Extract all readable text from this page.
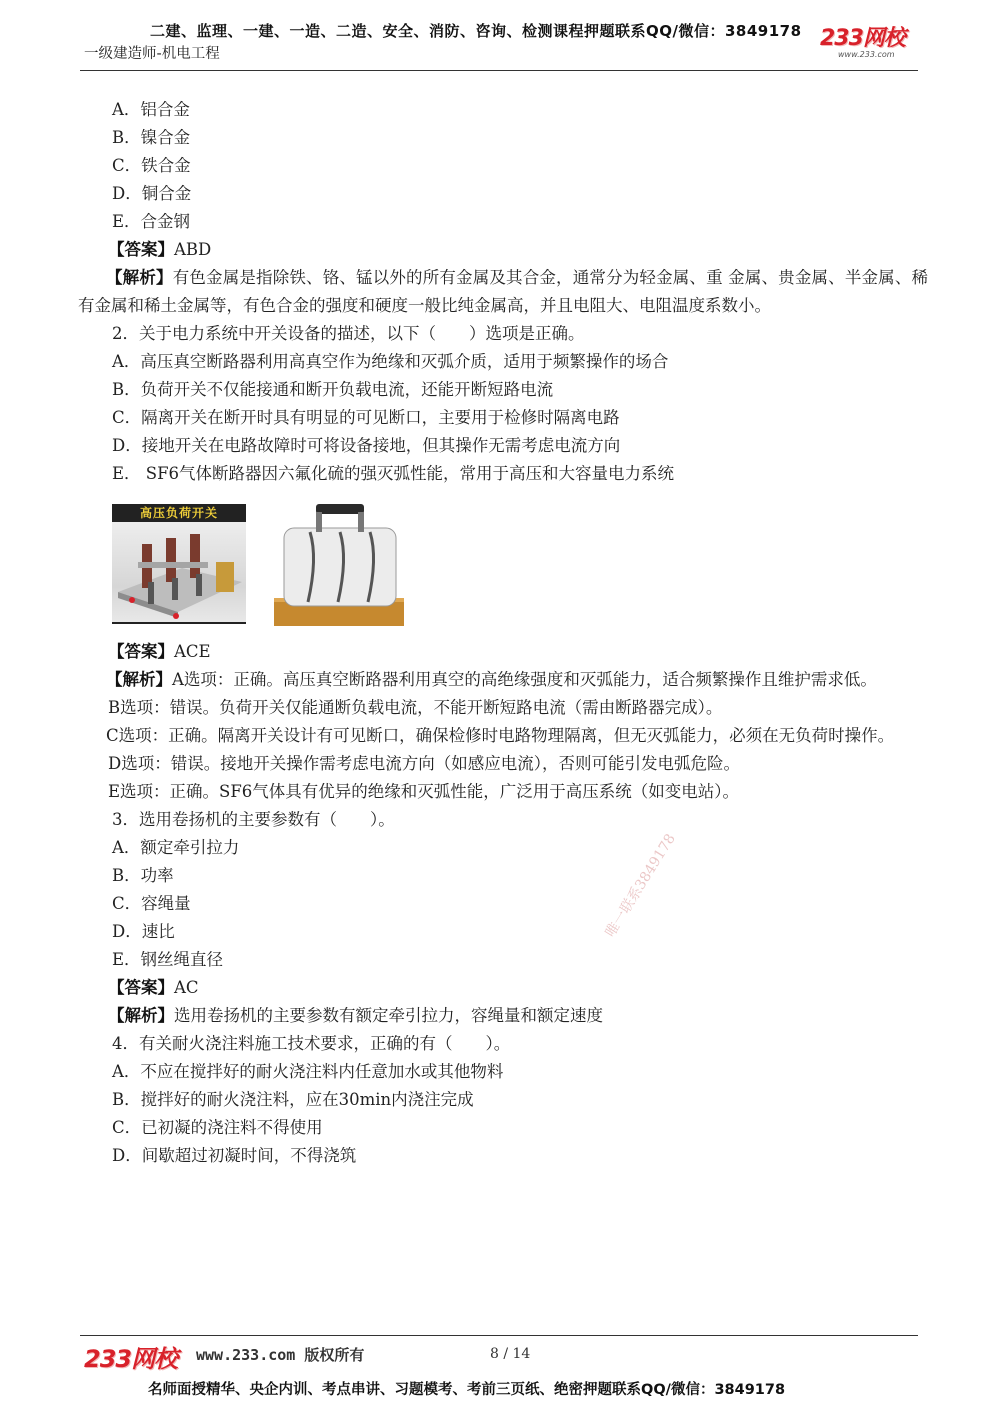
二建、监理、一建、一造、二造、安全、消防、咨询、检测课程押题联系QQ/微信：3849178
一级建造师-机电工程
233网校
www.233.com
A．铝合金
B．镍合金
C．铁合金
D．铜合金
E．合金钢
【答案】ABD
【解析】有色金属是指除铁、铬、锰以外的所有金属及其合金，通常分为轻金属、重 金属、贵金属、半金属、稀有金属和稀土金属等，有色合金的强度和硬度一般比纯金属高，并且电阻大、电阻温度系数小。
2．关于电力系统中开关设备的描述，以下（　　）选项是正确。
A．高压真空断路器利用高真空作为绝缘和灭弧介质，适用于频繁操作的场合
B．负荷开关不仅能接通和断开负载电流，还能开断短路电流
C．隔离开关在断开时具有明显的可见断口，主要用于检修时隔离电路
D．接地开关在电路故障时可将设备接地，但其操作无需考虑电流方向
E． SF6气体断路器因六氟化硫的强灭弧性能，常用于高压和大容量电力系统
高压负荷开关
【答案】ACE
【解析】A选项：正确。高压真空断路器利用真空的高绝缘强度和灭弧能力，适合频繁操作且维护需求低。
B选项：错误。负荷开关仅能通断负载电流，不能开断短路电流（需由断路器完成）。
C选项：正确。隔离开关设计有可见断口，确保检修时电路物理隔离，但无灭弧能力，必须在无负荷时操作。
D选项：错误。接地开关操作需考虑电流方向（如感应电流），否则可能引发电弧危险。
E选项：正确。SF6气体具有优异的绝缘和灭弧性能，广泛用于高压系统（如变电站）。
3．选用卷扬机的主要参数有（　　）。
A．额定牵引拉力
B．功率
C．容绳量
D．速比
E．钢丝绳直径
【答案】AC
【解析】选用卷扬机的主要参数有额定牵引拉力，容绳量和额定速度
4．有关耐火浇注料施工技术要求，正确的有（　　）。
A．不应在搅拌好的耐火浇注料内任意加水或其他物料
B．搅拌好的耐火浇注料，应在30min内浇注完成
C．已初凝的浇注料不得使用
D．间歇超过初凝时间，不得浇筑
唯一联系3849178
233网校 www.233.com 版权所有	8 / 14
名师面授精华、央企内训、考点串讲、习题模考、考前三页纸、绝密押题联系QQ/微信：3849178
